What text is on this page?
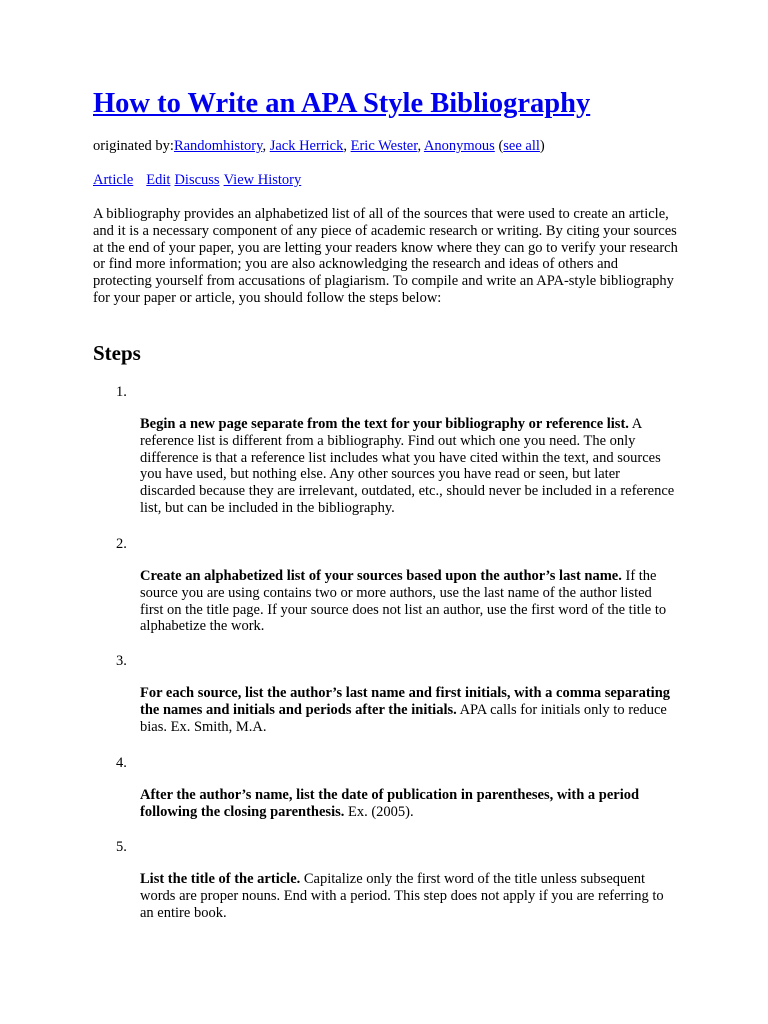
How to Write an APA Style Bibliography
originated by:Randomhistory, Jack Herrick, Eric Wester, Anonymous (see all)
Article Edit Discuss View History

A bibliography provides an alphabetized list of all of the sources that were used to create an article, and it is a necessary component of any piece of academic research or writing. By citing your sources at the end of your paper, you are letting your readers know where they can go to verify your research or find more information; you are also acknowledging the research and ideas of others and protecting yourself from accusations of plagiarism. To compile and write an APA-style bibliography for your paper or article, you should follow the steps below:

Steps
1.

Begin a new page separate from the text for your bibliography or reference list. A reference list is different from a bibliography. Find out which one you need. The only difference is that a reference list includes what you have cited within the text, and sources you have used, but nothing else. Any other sources you have read or seen, but later discarded because they are irrelevant, outdated, etc., should never be included in a reference list, but can be included in the bibliography.

2.

Create an alphabetized list of your sources based upon the author’s last name. If the source you are using contains two or more authors, use the last name of the author listed first on the title page. If your source does not list an author, use the first word of the title to alphabetize the work.

3.

For each source, list the author’s last name and first initials, with a comma separating the names and initials and periods after the initials. APA calls for initials only to reduce bias. Ex. Smith, M.A.

4.

After the author’s name, list the date of publication in parentheses, with a period following the closing parenthesis. Ex. (2005).

5.

List the title of the article. Capitalize only the first word of the title unless subsequent words are proper nouns. End with a period. This step does not apply if you are referring to an entire book.
